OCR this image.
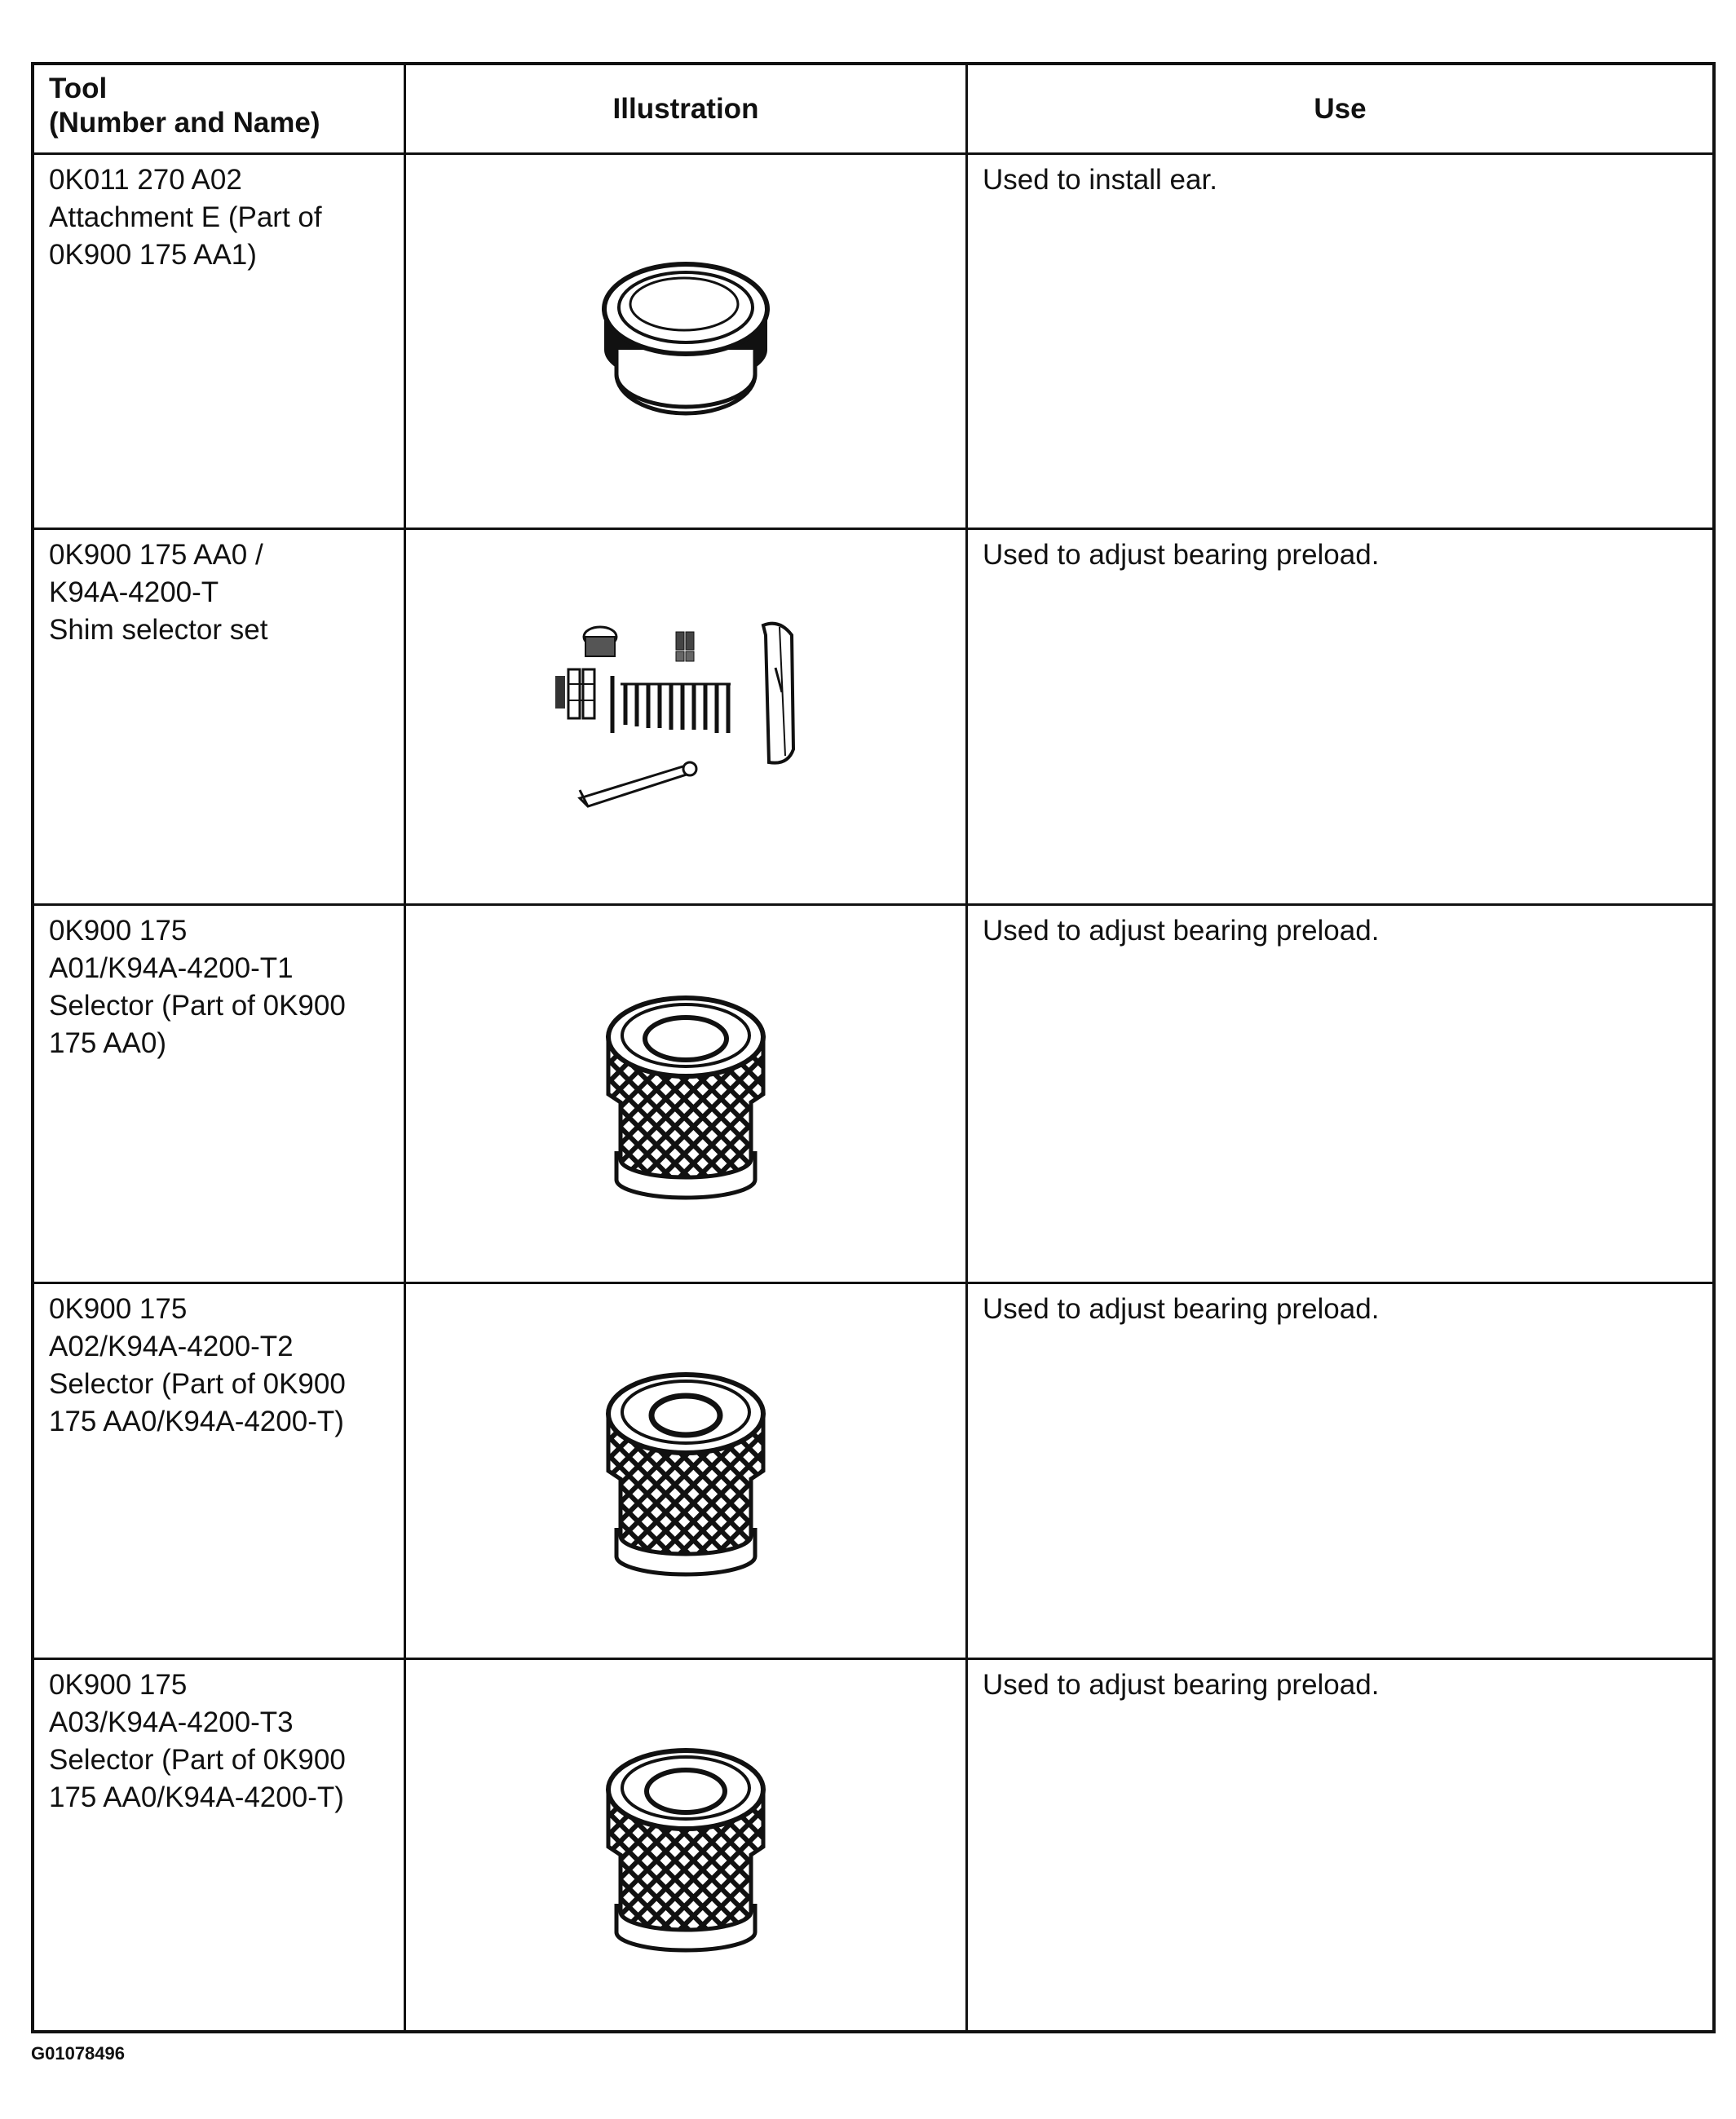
Tool
(Number and Name)	Illustration	Use
0K011 270 A02
Attachment E (Part of
0K900 175 AA1)
Used to install ear.
0K900 175 AA0 /
K94A-4200-T
Shim selector set
Used to adjust bearing preload.
0K900 175
A01/K94A-4200-T1
Selector (Part of 0K900
175 AA0)
Used to adjust bearing preload.
0K900 175
A02/K94A-4200-T2
Selector (Part of 0K900
175 AA0/K94A-4200-T)
Used to adjust bearing preload.
0K900 175
A03/K94A-4200-T3
Selector (Part of 0K900
175 AA0/K94A-4200-T)
Used to adjust bearing preload.
G01078496
